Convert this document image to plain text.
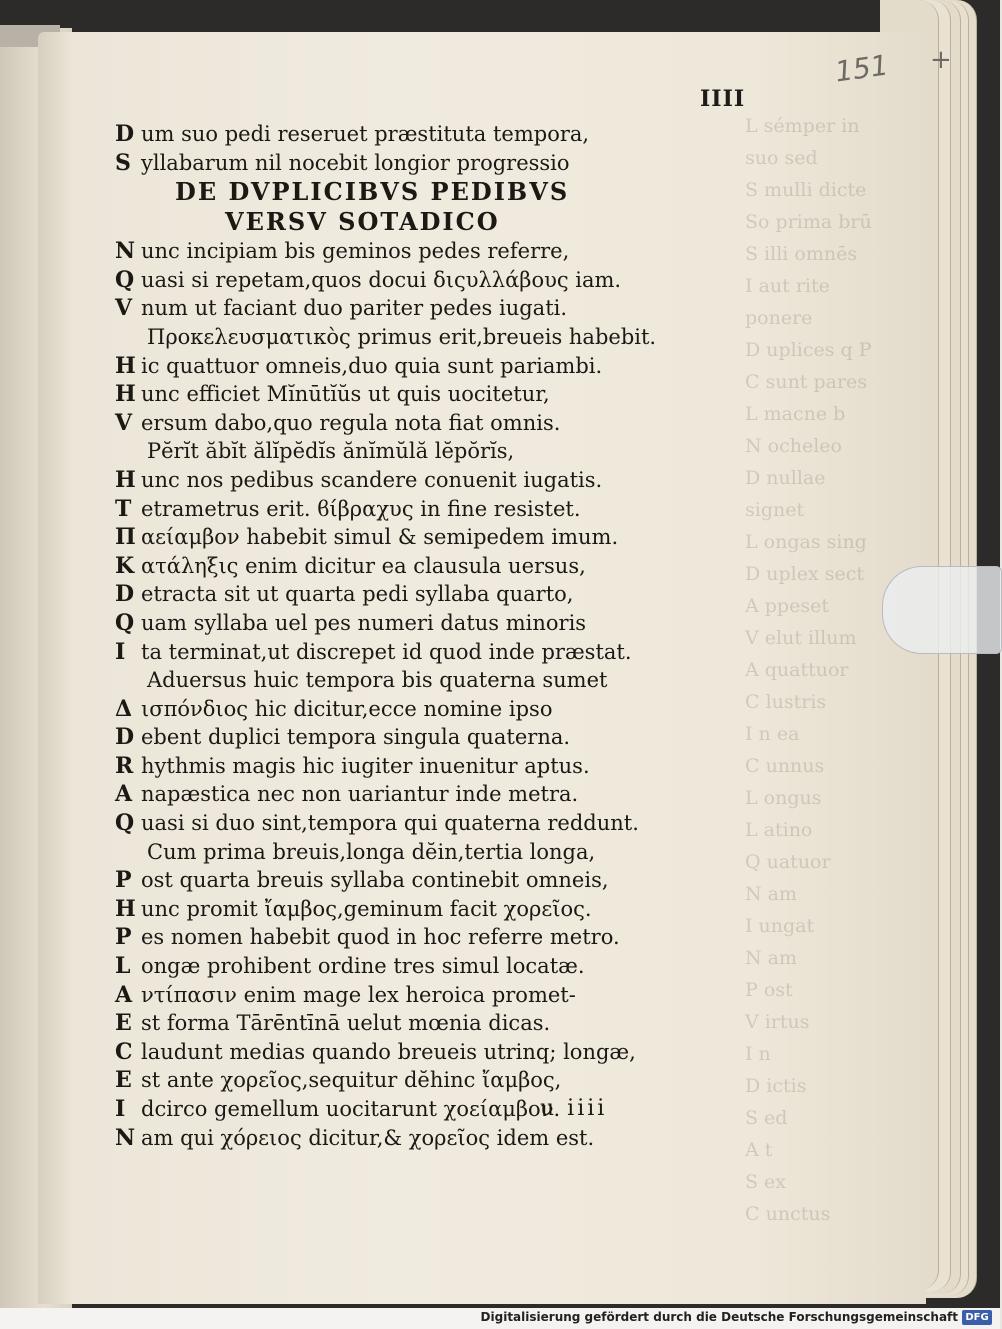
L sémper in suo sed
S mulli dicte
So prima brū
S illi omnēs
I aut rite ponere
D uplices q P
C sunt pares
L macne b
N ocheleo
D nullae signet
L ongas sing
D uplex sect
A ppeset
V elut illum
A quattuor
C lustris
I n ea
C unnus
L ongus
L atino
Q uatuor
N am
I ungat
N am
P ost
V irtus
I n
D ictis
S ed
A t
S ex
C unctus
151 +
IIII
D um suo pedi reseruet præstituta tempora,
S yllabarum nil nocebit longior progressio
DE DVPLICIBVS PEDIBVS
VERSV SOTADICO
N unc incipiam bis geminos pedes referre,
Q uasi si repetam,quos docui διςυλλάβους iam.
V num ut faciant duo pariter pedes iugati.
Προκελευσματικὸς primus erit,breueis habebit.
H ic quattuor omneis,duo quia sunt pariambi.
H unc efficiet Mĭnūtĭŭs ut quis uocitetur,
V ersum dabo,quo regula nota fiat omnis.
Pĕrĭt ăbĭt ălĭpĕdĭs ănĭmŭlă lĕpŏrĭs,
H unc nos pedibus scandere conuenit iugatis.
T etrametrus erit. ϐίβραχυς in fine resistet.
Π αείαμβον habebit simul & semipedem imum.
Κ ατάληξις enim dicitur ea clausula uersus,
D etracta sit ut quarta pedi syllaba quarto,
Q uam syllaba uel pes numeri datus minoris
I ta terminat,ut discrepet id quod inde præstat.
Aduersus huic tempora bis quaterna sumet
Δ ισπόνδιος hic dicitur,ecce nomine ipso
D ebent duplici tempora singula quaterna.
R hythmis magis hic iugiter inuenitur aptus.
A napæstica nec non uariantur inde metra.
Q uasi si duo sint,tempora qui quaterna reddunt.
Cum prima breuis,longa dĕin,tertia longa,
P ost quarta breuis syllaba continebit omneis,
H unc promit ἴαμβος,geminum facit χορεῖος.
P es nomen habebit quod in hoc referre metro.
L ongæ prohibent ordine tres simul locatæ.
A ντίπασιν enim mage lex heroica promet-
E st forma Tārēntīnā uelut mœnia dicas.
C laudunt medias quando breueis utrinq; longæ,
E st ante χορεῖος,sequitur dĕhinc ἴαμβος,
I dcirco gemellum uocitarunt χοείαμβον.
N am qui χόρειος dicitur,& χορεῖος idem est.
u iiii
Digitalisierung gefördert durch die Deutsche Forschungsgemeinschaft DFG
